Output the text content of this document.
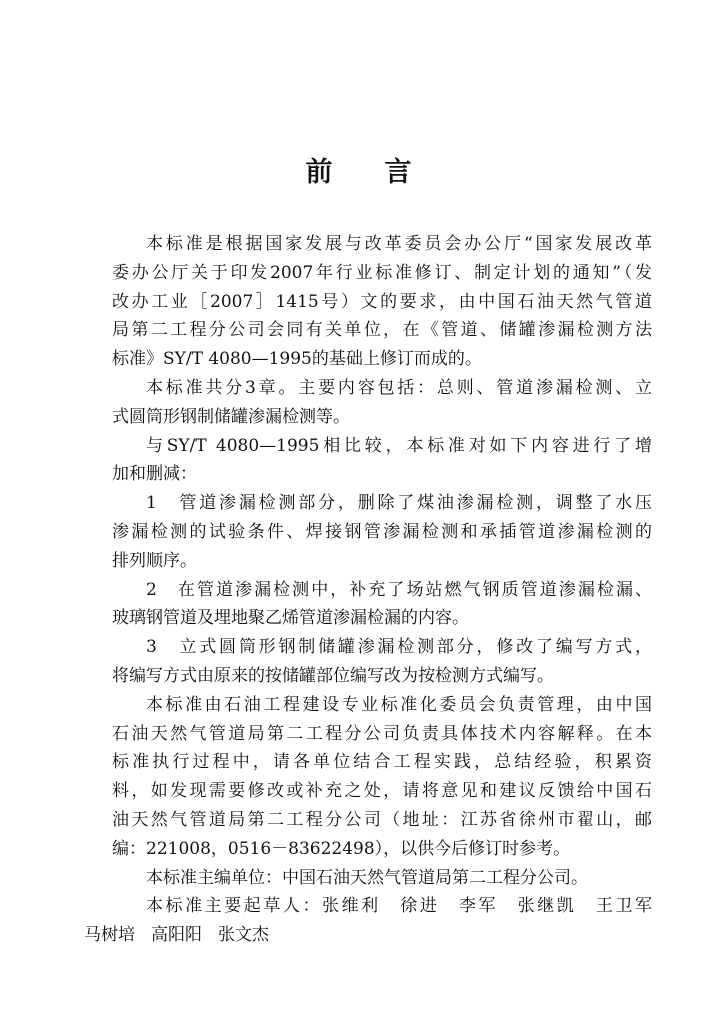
前 言

本标准是根据国家发展与改革委员会办公厅“国家发展改革
委办公厅关于印发2007年行业标准修订、制定计划的通知”（发
改办工业［2007］1415号）文的要求，由中国石油天然气管道
局第二工程分公司会同有关单位，在《管道、储罐渗漏检测方法
标准》SY/T 4080—1995的基础上修订而成的。

本标准共分3章。主要内容包括：总则、管道渗漏检测、立
式圆筒形钢制储罐渗漏检测等。

与SY/T 4080—1995相比较，本标准对如下内容进行了增
加和删减：

1　管道渗漏检测部分，删除了煤油渗漏检测，调整了水压
渗漏检测的试验条件、焊接钢管渗漏检测和承插管道渗漏检测的
排列顺序。

2　在管道渗漏检测中，补充了场站燃气钢质管道渗漏检漏、
玻璃钢管道及埋地聚乙烯管道渗漏检漏的内容。

3　立式圆筒形钢制储罐渗漏检测部分，修改了编写方式，
将编写方式由原来的按储罐部位编写改为按检测方式编写。

本标准由石油工程建设专业标准化委员会负责管理，由中国
石油天然气管道局第二工程分公司负责具体技术内容解释。在本
标准执行过程中，请各单位结合工程实践，总结经验，积累资
料，如发现需要修改或补充之处，请将意见和建议反馈给中国石
油天然气管道局第二工程分公司（地址：江苏省徐州市翟山，邮
编：221008，0516－83622498），以供今后修订时参考。

本标准主编单位：中国石油天然气管道局第二工程分公司。

本标准主要起草人：张维利　 徐进　 李军　 张继凯　 王卫军
马树培 高阳阳 张文杰
